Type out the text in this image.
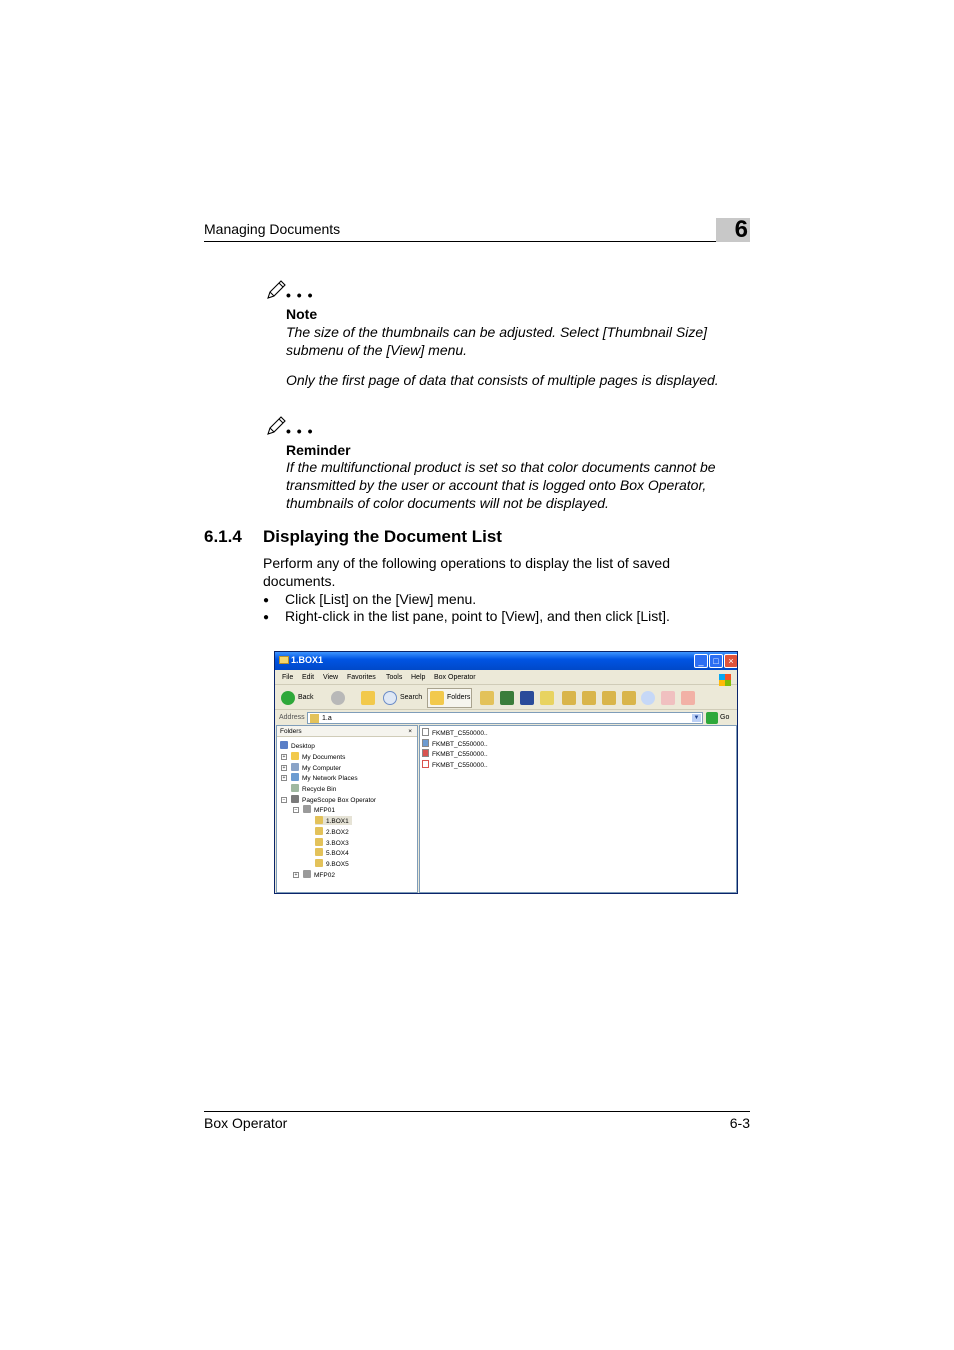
Managing Documents	6
• • •
Note
The size of the thumbnails can be adjusted. Select [Thumbnail Size] submenu of the [View] menu.
Only the first page of data that consists of multiple pages is displayed.
• • •
Reminder
If the multifunctional product is set so that color documents cannot be transmitted by the user or account that is logged onto Box Operator, thumbnails of color documents will not be displayed.
6.1.4 Displaying the Document List
Perform any of the following operations to display the list of saved documents.
● Click [List] on the [View] menu.
● Right-click in the list pane, point to [View], and then click [List].
1.BOX1	_	□	×
File Edit View Favorites Tools Help Box Operator
Back	Search	Folders
Address 1.a	▼	Go
Folders	×
Desktop
+	My Documents
+	My Computer
+	My Network Places
Recycle Bin
−	PageScope Box Operator
−	MFP01
1.BOX1
2.BOX2
3.BOX3
5.BOX4
9.BOX5
+	MFP02
FKMBT_C550000..
FKMBT_C550000..
FKMBT_C550000..
FKMBT_C550000..
Box Operator	6-3
